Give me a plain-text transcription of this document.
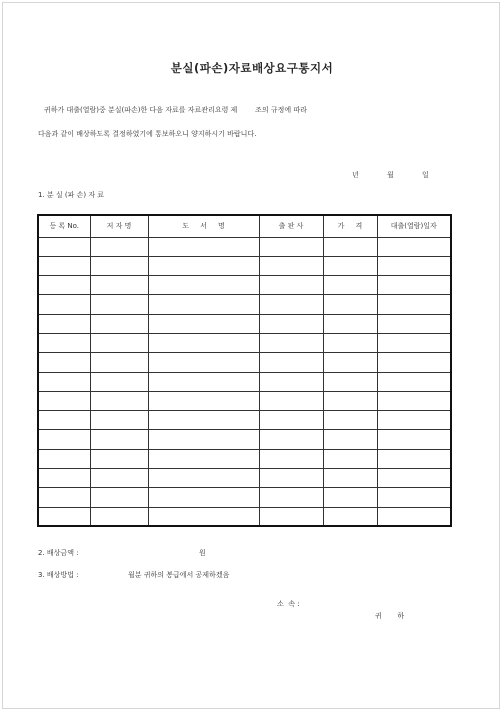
분실(파손)자료배상요구통지서
귀하가 대출(열람)중 분실(파손)한 다음 자료를 자료관리요령 제        조의 규정에 따라
다음과 같이 배상하도록 결정하였기에 통보하오니 양지하시기 바랍니다.
년	월	일
1. 분 실 (파 손) 자 료
등 록 No.	저 자 명	도     서     명	출 판 사	가     격	대출(열람)일자

2. 배상금액 :	원
3. 배상방법 :	월분 귀하의 봉급에서 공제하겠음
소  속 :
귀       하
